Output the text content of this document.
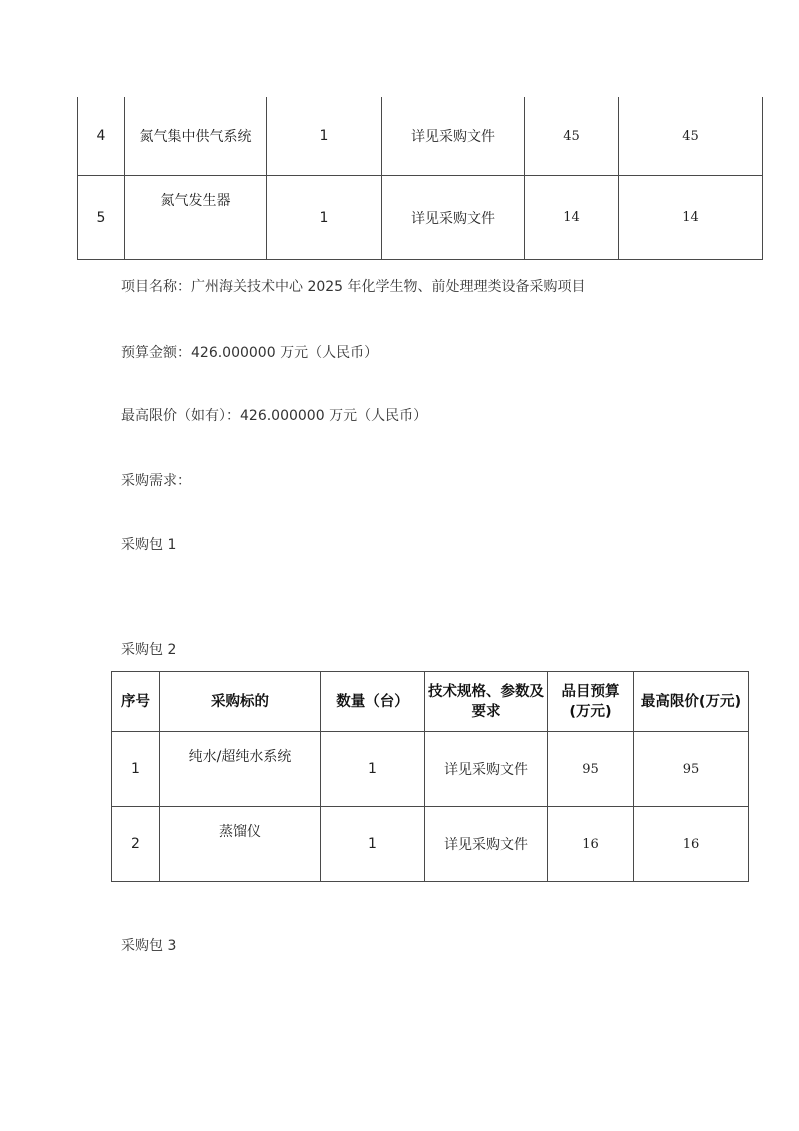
4	氮气集中供气系统	1	详见采购文件	45	45
5	氮气发生器	1	详见采购文件	14	14
项目名称：广州海关技术中心 2025 年化学生物、前处理理类设备采购项目
预算金额：426.000000 万元（人民币）
最高限价（如有）：426.000000 万元（人民币）
采购需求：
采购包 1
采购包 2
序号	采购标的	数量（台）	技术规格、参数及要求	品目预算(万元)	最高限价(万元)
1	纯水/超纯水系统	1	详见采购文件	95	95
2	蒸馏仪	1	详见采购文件	16	16
采购包 3
